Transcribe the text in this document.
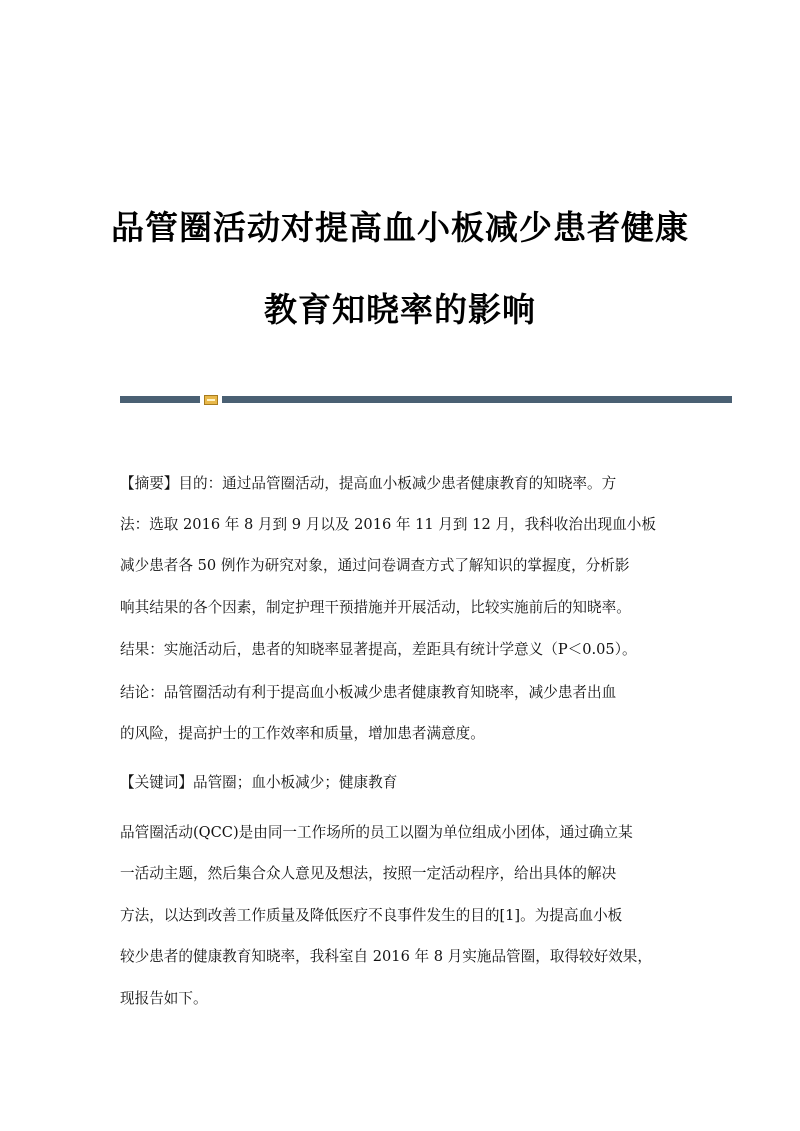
品管圈活动对提高血小板减少患者健康
教育知晓率的影响
【摘要】目的：通过品管圈活动，提高血小板减少患者健康教育的知晓率。方
法：选取 2016 年 8 月到 9 月以及 2016 年 11 月到 12 月，我科收治出现血小板
减少患者各 50 例作为研究对象，通过问卷调查方式了解知识的掌握度，分析影
响其结果的各个因素，制定护理干预措施并开展活动，比较实施前后的知晓率。
结果：实施活动后，患者的知晓率显著提高，差距具有统计学意义（P＜0.05）。
结论：品管圈活动有利于提高血小板减少患者健康教育知晓率，减少患者出血
的风险，提高护士的工作效率和质量，增加患者满意度。
【关键词】品管圈；血小板减少；健康教育
品管圈活动(QCC)是由同一工作场所的员工以圈为单位组成小团体，通过确立某
一活动主题，然后集合众人意见及想法，按照一定活动程序，给出具体的解决
方法，以达到改善工作质量及降低医疗不良事件发生的目的[1]。为提高血小板
较少患者的健康教育知晓率，我科室自 2016 年 8 月实施品管圈，取得较好效果，
现报告如下。
